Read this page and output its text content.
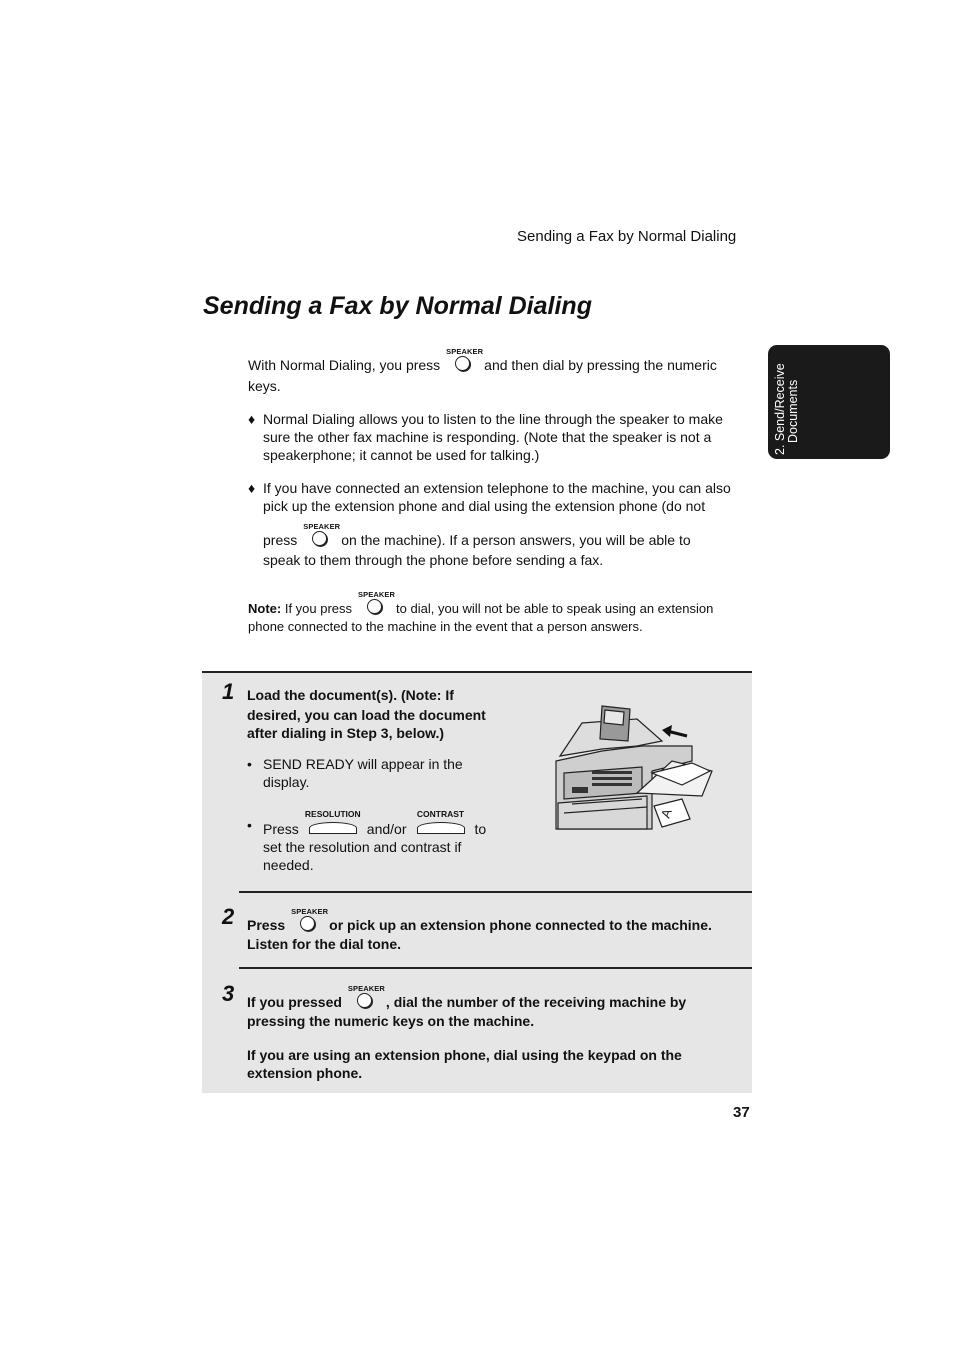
Sending a Fax by Normal Dialing
Sending a Fax by Normal Dialing
2. Send/Receive Documents
With Normal Dialing, you press
SPEAKER
and then dial by pressing the numeric
keys.
♦ Normal Dialing allows you to listen to the line through the speaker to make
sure the other fax machine is responding. (Note that the speaker is not a
speakerphone; it cannot be used for talking.)
♦ If you have connected an extension telephone to the machine, you can also
pick up the extension phone and dial using the extension phone (do not
press
SPEAKER
on the machine). If a person answers, you will be able to
speak to them through the phone before sending a fax.
Note: If you press
SPEAKER
to dial, you will not be able to speak using an extension
phone connected to the machine in the event that a person answers.
1 Load the document(s). (Note: If
desired, you can load the document
after dialing in Step 3, below.)
• SEND READY will appear in the
display.
• Press
RESOLUTION
and/or
CONTRAST
to
set the resolution and contrast if
needed.
A
2 Press
SPEAKER
or pick up an extension phone connected to the machine.
Listen for the dial tone.
3 If you pressed
SPEAKER
, dial the number of the receiving machine by
pressing the numeric keys on the machine.
If you are using an extension phone, dial using the keypad on the
extension phone.
37
